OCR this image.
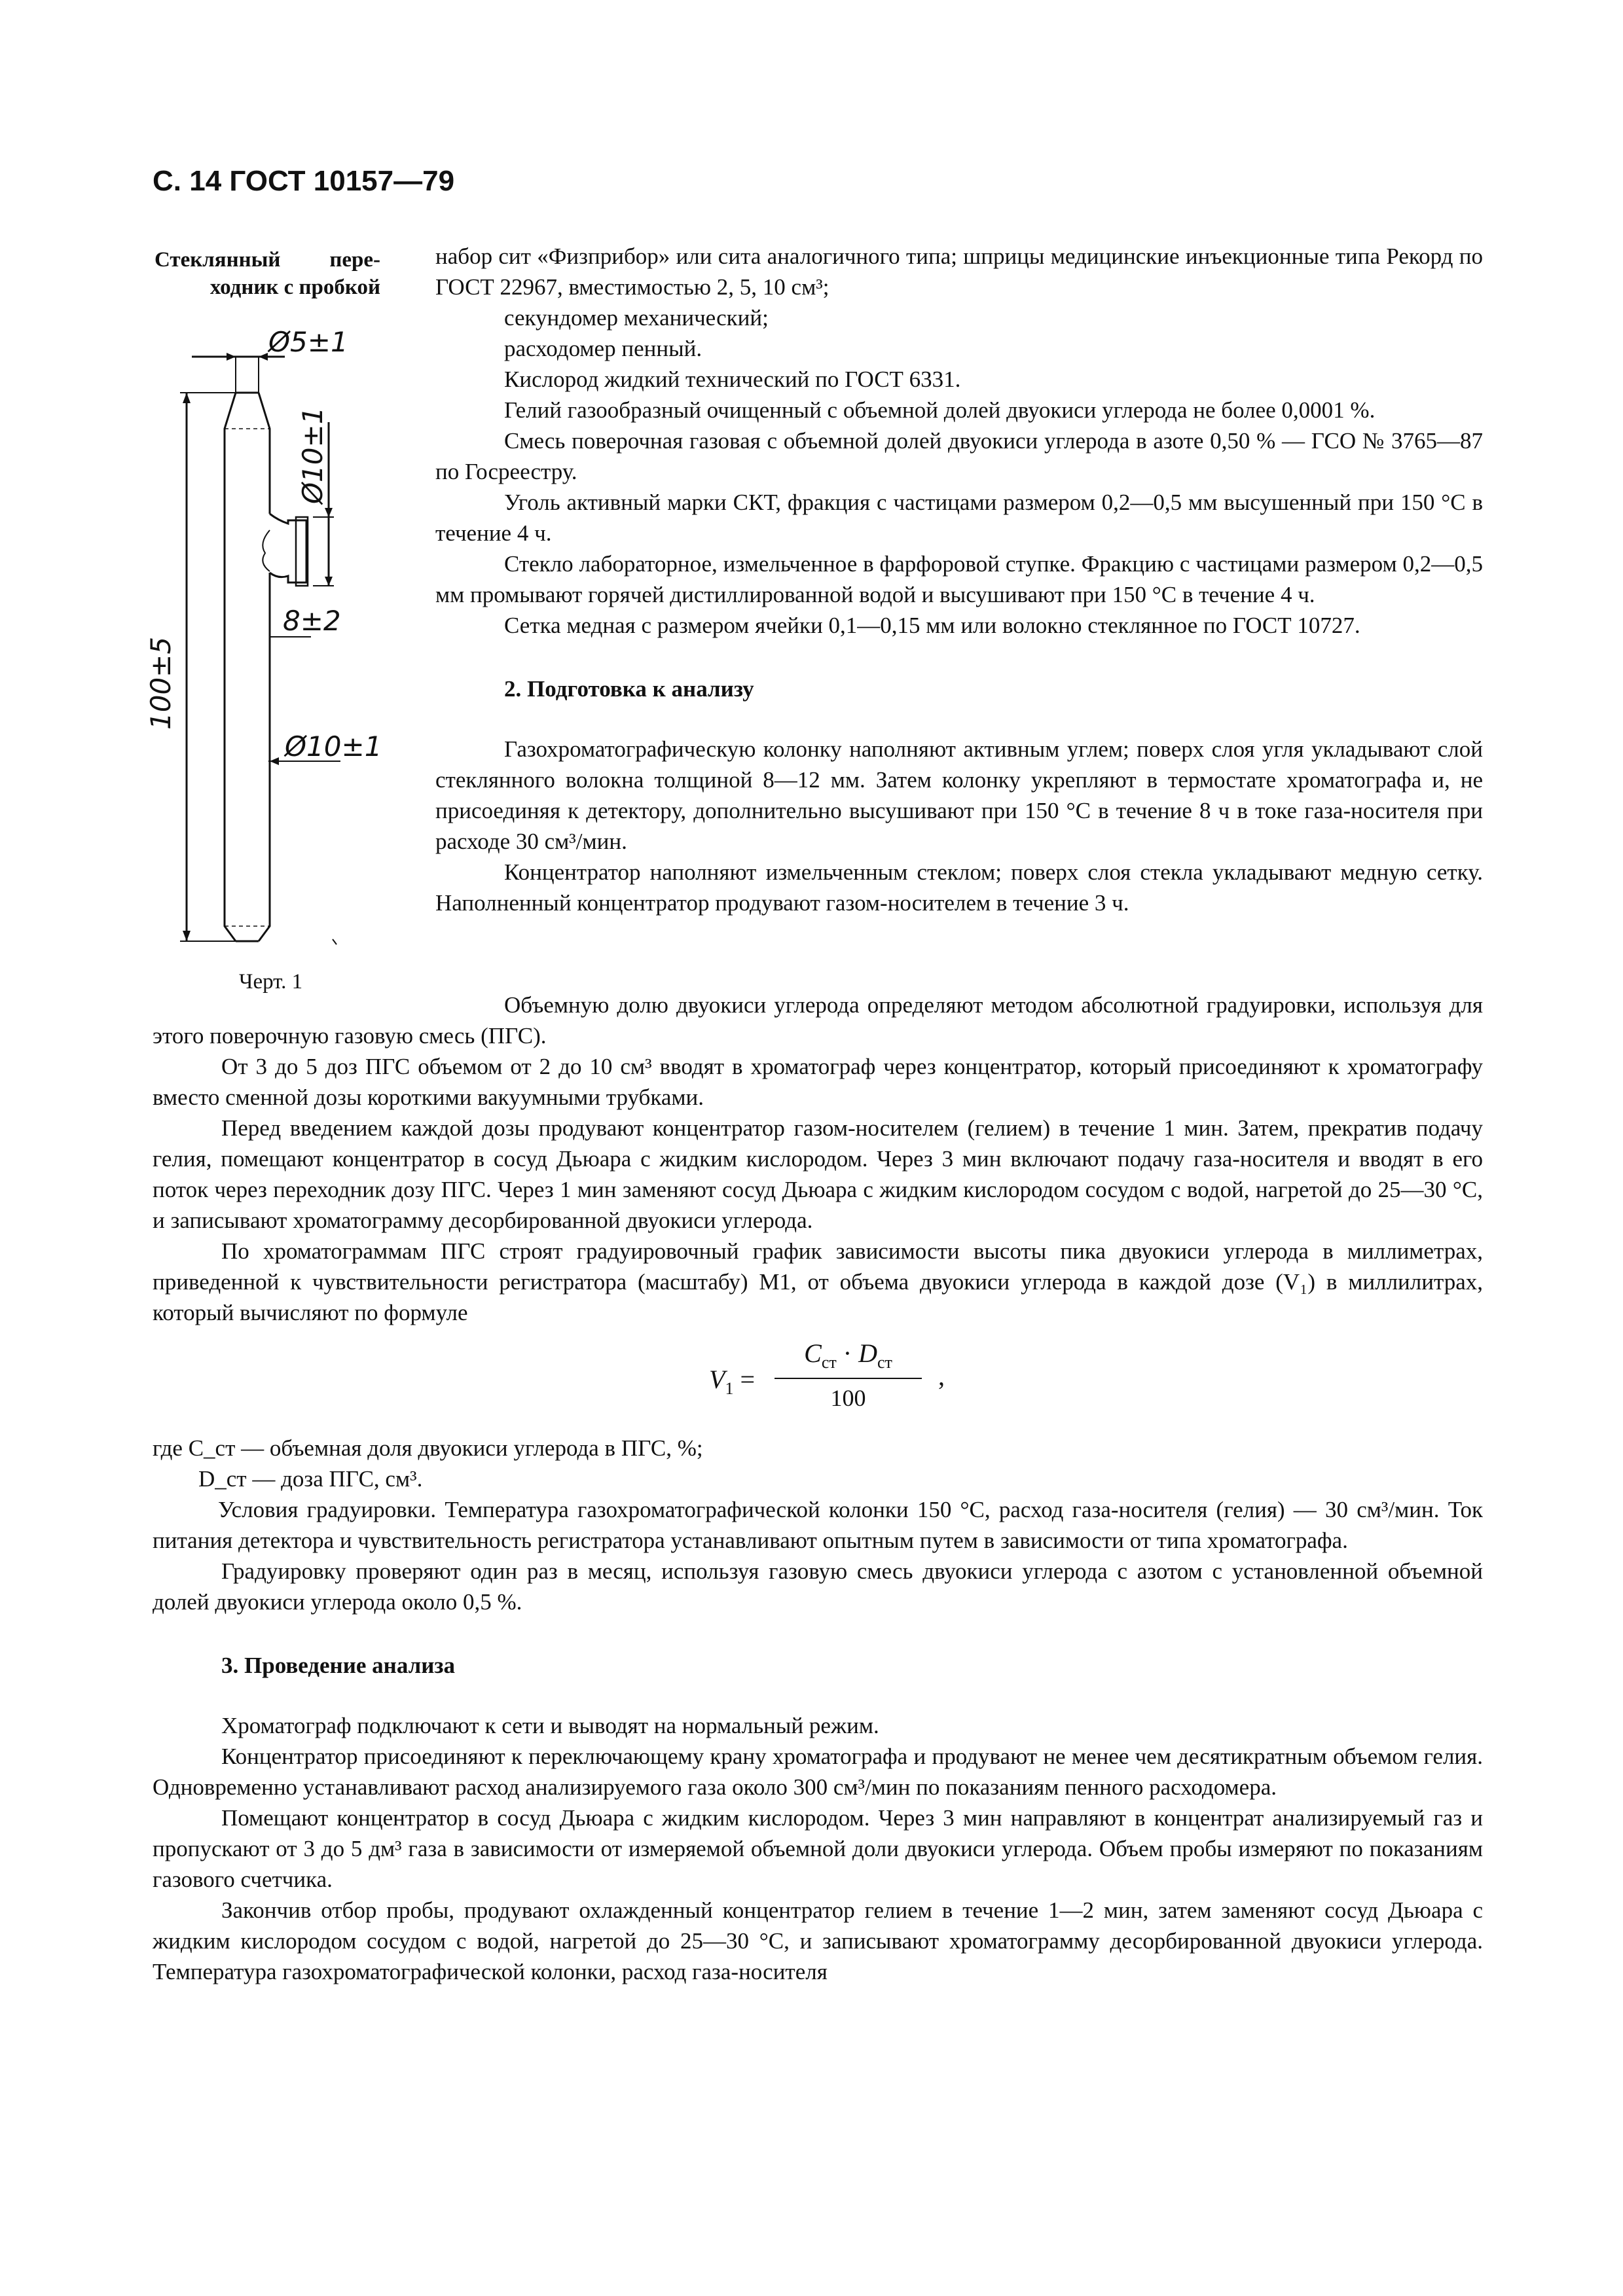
С. 14 ГОСТ 10157—79
Стеклянный пере-
ходник с пробкой
Ø5±1
Ø10±1
8±2
100±5
Ø10±1
Черт. 1

набор сит «Физприбор» или сита аналогичного типа; шприцы медицинские инъекционные типа Рекорд по ГОСТ 22967, вместимостью 2, 5, 10 см³;

секундомер механический;

расходомер пенный.

Кислород жидкий технический по ГОСТ 6331.

Гелий газообразный очищенный с объемной долей двуокиси углерода не более 0,0001 %.

Смесь поверочная газовая с объемной долей двуокиси углерода в азоте 0,50 % — ГСО № 3765—87 по Госреестру.

Уголь активный марки СКТ, фракция с частицами размером 0,2—0,5 мм высушенный при 150 °С в течение 4 ч.

Стекло лабораторное, измельченное в фарфоровой ступке. Фракцию с частицами размером 0,2—0,5 мм промывают горячей дистиллированной водой и высушивают при 150 °С в течение 4 ч.

Сетка медная с размером ячейки 0,1—0,15 мм или волокно стеклянное по ГОСТ 10727.

2. Подготовка к анализу

Газохроматографическую колонку наполняют активным углем; поверх слоя угля укладывают слой стеклянного волокна толщиной 8—12 мм. Затем колонку укрепляют в термостате хроматографа и, не присоединяя к детектору, дополнительно высушивают при 150 °С в течение 8 ч в токе газа-носителя при расходе 30 см³/мин.

Концентратор наполняют измельченным стеклом; поверх слоя стекла укладывают медную сетку. Наполненный концентратор продувают газом-носителем в течение 3 ч.

Объемную долю двуокиси углерода определяют методом абсолютной градуировки, используя для этого поверочную газовую смесь (ПГС).

От 3 до 5 доз ПГС объемом от 2 до 10 см³ вводят в хроматограф через концентратор, который присоединяют к хроматографу вместо сменной дозы короткими вакуумными трубками.

Перед введением каждой дозы продувают концентратор газом-носителем (гелием) в течение 1 мин. Затем, прекратив подачу гелия, помещают концентратор в сосуд Дьюара с жидким кислородом. Через 3 мин включают подачу газа-носителя и вводят в его поток через переходник дозу ПГС. Через 1 мин заменяют сосуд Дьюара с жидким кислородом сосудом с водой, нагретой до 25—30 °С, и записывают хроматограмму десорбированной двуокиси углерода.

По хроматограммам ПГС строят градуировочный график зависимости высоты пика двуокиси углерода в миллиметрах, приведенной к чувствительности регистратора (масштабу) М1, от объема двуокиси углерода в каждой дозе (V₁) в миллилитрах, который вычисляют по формуле

$V_1$ =
$C_{ст} \cdot D_{ст}$
100
,

где C_ст — объемная доля двуокиси углерода в ПГС, %;

D_ст — доза ПГС, см³.

Условия градуировки. Температура газохроматографической колонки 150 °С, расход газа-носителя (гелия) — 30 см³/мин. Ток питания детектора и чувствительность регистратора устанавливают опытным путем в зависимости от типа хроматографа.

Градуировку проверяют один раз в месяц, используя газовую смесь двуокиси углерода с азотом с установленной объемной долей двуокиси углерода около 0,5 %.

3. Проведение анализа

Хроматограф подключают к сети и выводят на нормальный режим.

Концентратор присоединяют к переключающему крану хроматографа и продувают не менее чем десятикратным объемом гелия. Одновременно устанавливают расход анализируемого газа около 300 см³/мин по показаниям пенного расходомера.

Помещают концентратор в сосуд Дьюара с жидким кислородом. Через 3 мин направляют в концентрат анализируемый газ и пропускают от 3 до 5 дм³ газа в зависимости от измеряемой объемной доли двуокиси углерода. Объем пробы измеряют по показаниям газового счетчика.

Закончив отбор пробы, продувают охлажденный концентратор гелием в течение 1—2 мин, затем заменяют сосуд Дьюара с жидким кислородом сосудом с водой, нагретой до 25—30 °С, и записывают хроматограмму десорбированной двуокиси углерода. Температура газохроматографической колонки, расход газа-носителя
